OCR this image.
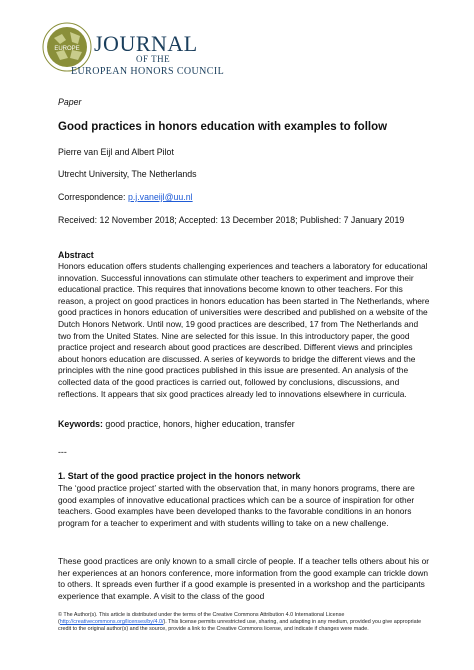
EUROPE JOURNAL
OF THE
EUROPEAN HONORS COUNCIL
Paper
Good practices in honors education with examples to follow
Pierre van Eijl and Albert Pilot
Utrecht University, The Netherlands
Correspondence: p.j.vaneijl@uu.nl
Received: 12 November 2018; Accepted: 13 December 2018; Published: 7 January 2019
Abstract
Honors education offers students challenging experiences and teachers a laboratory for educational innovation. Successful innovations can stimulate other teachers to experiment and improve their educational practice. This requires that innovations become known to other teachers. For this reason, a project on good practices in honors education has been started in The Netherlands, where good practices in honors education of universities were described and published on a website of the Dutch Honors Network. Until now, 19 good practices are described, 17 from The Netherlands and two from the United States. Nine are selected for this issue. In this introductory paper, the good practice project and research about good practices are described. Different views and principles about honors education are discussed. A series of keywords to bridge the different views and the principles with the nine good practices published in this issue are presented. An analysis of the collected data of the good practices is carried out, followed by conclusions, discussions, and reflections. It appears that six good practices already led to innovations elsewhere in curricula.
Keywords: good practice, honors, higher education, transfer
---
1. Start of the good practice project in the honors network
The ‘good practice project’ started with the observation that, in many honors programs, there are good examples of innovative educational practices which can be a source of inspiration for other teachers. Good examples have been developed thanks to the favorable conditions in an honors program for a teacher to experiment and with students willing to take on a new challenge.
These good practices are only known to a small circle of people. If a teacher tells others about his or her experiences at an honors conference, more information from the good example can trickle down to others. It spreads even further if a good example is presented in a workshop and the participants experience that example. A visit to the class of the good
© The Author(s). This article is distributed under the terms of the Creative Commons Attribution 4.0 International License (http://creativecommons.org/licenses/by/4.0/). This license permits unrestricted use, sharing, and adapting in any medium, provided you give appropriate credit to the original author(s) and the source, provide a link to the Creative Commons license, and indicate if changes were made.
